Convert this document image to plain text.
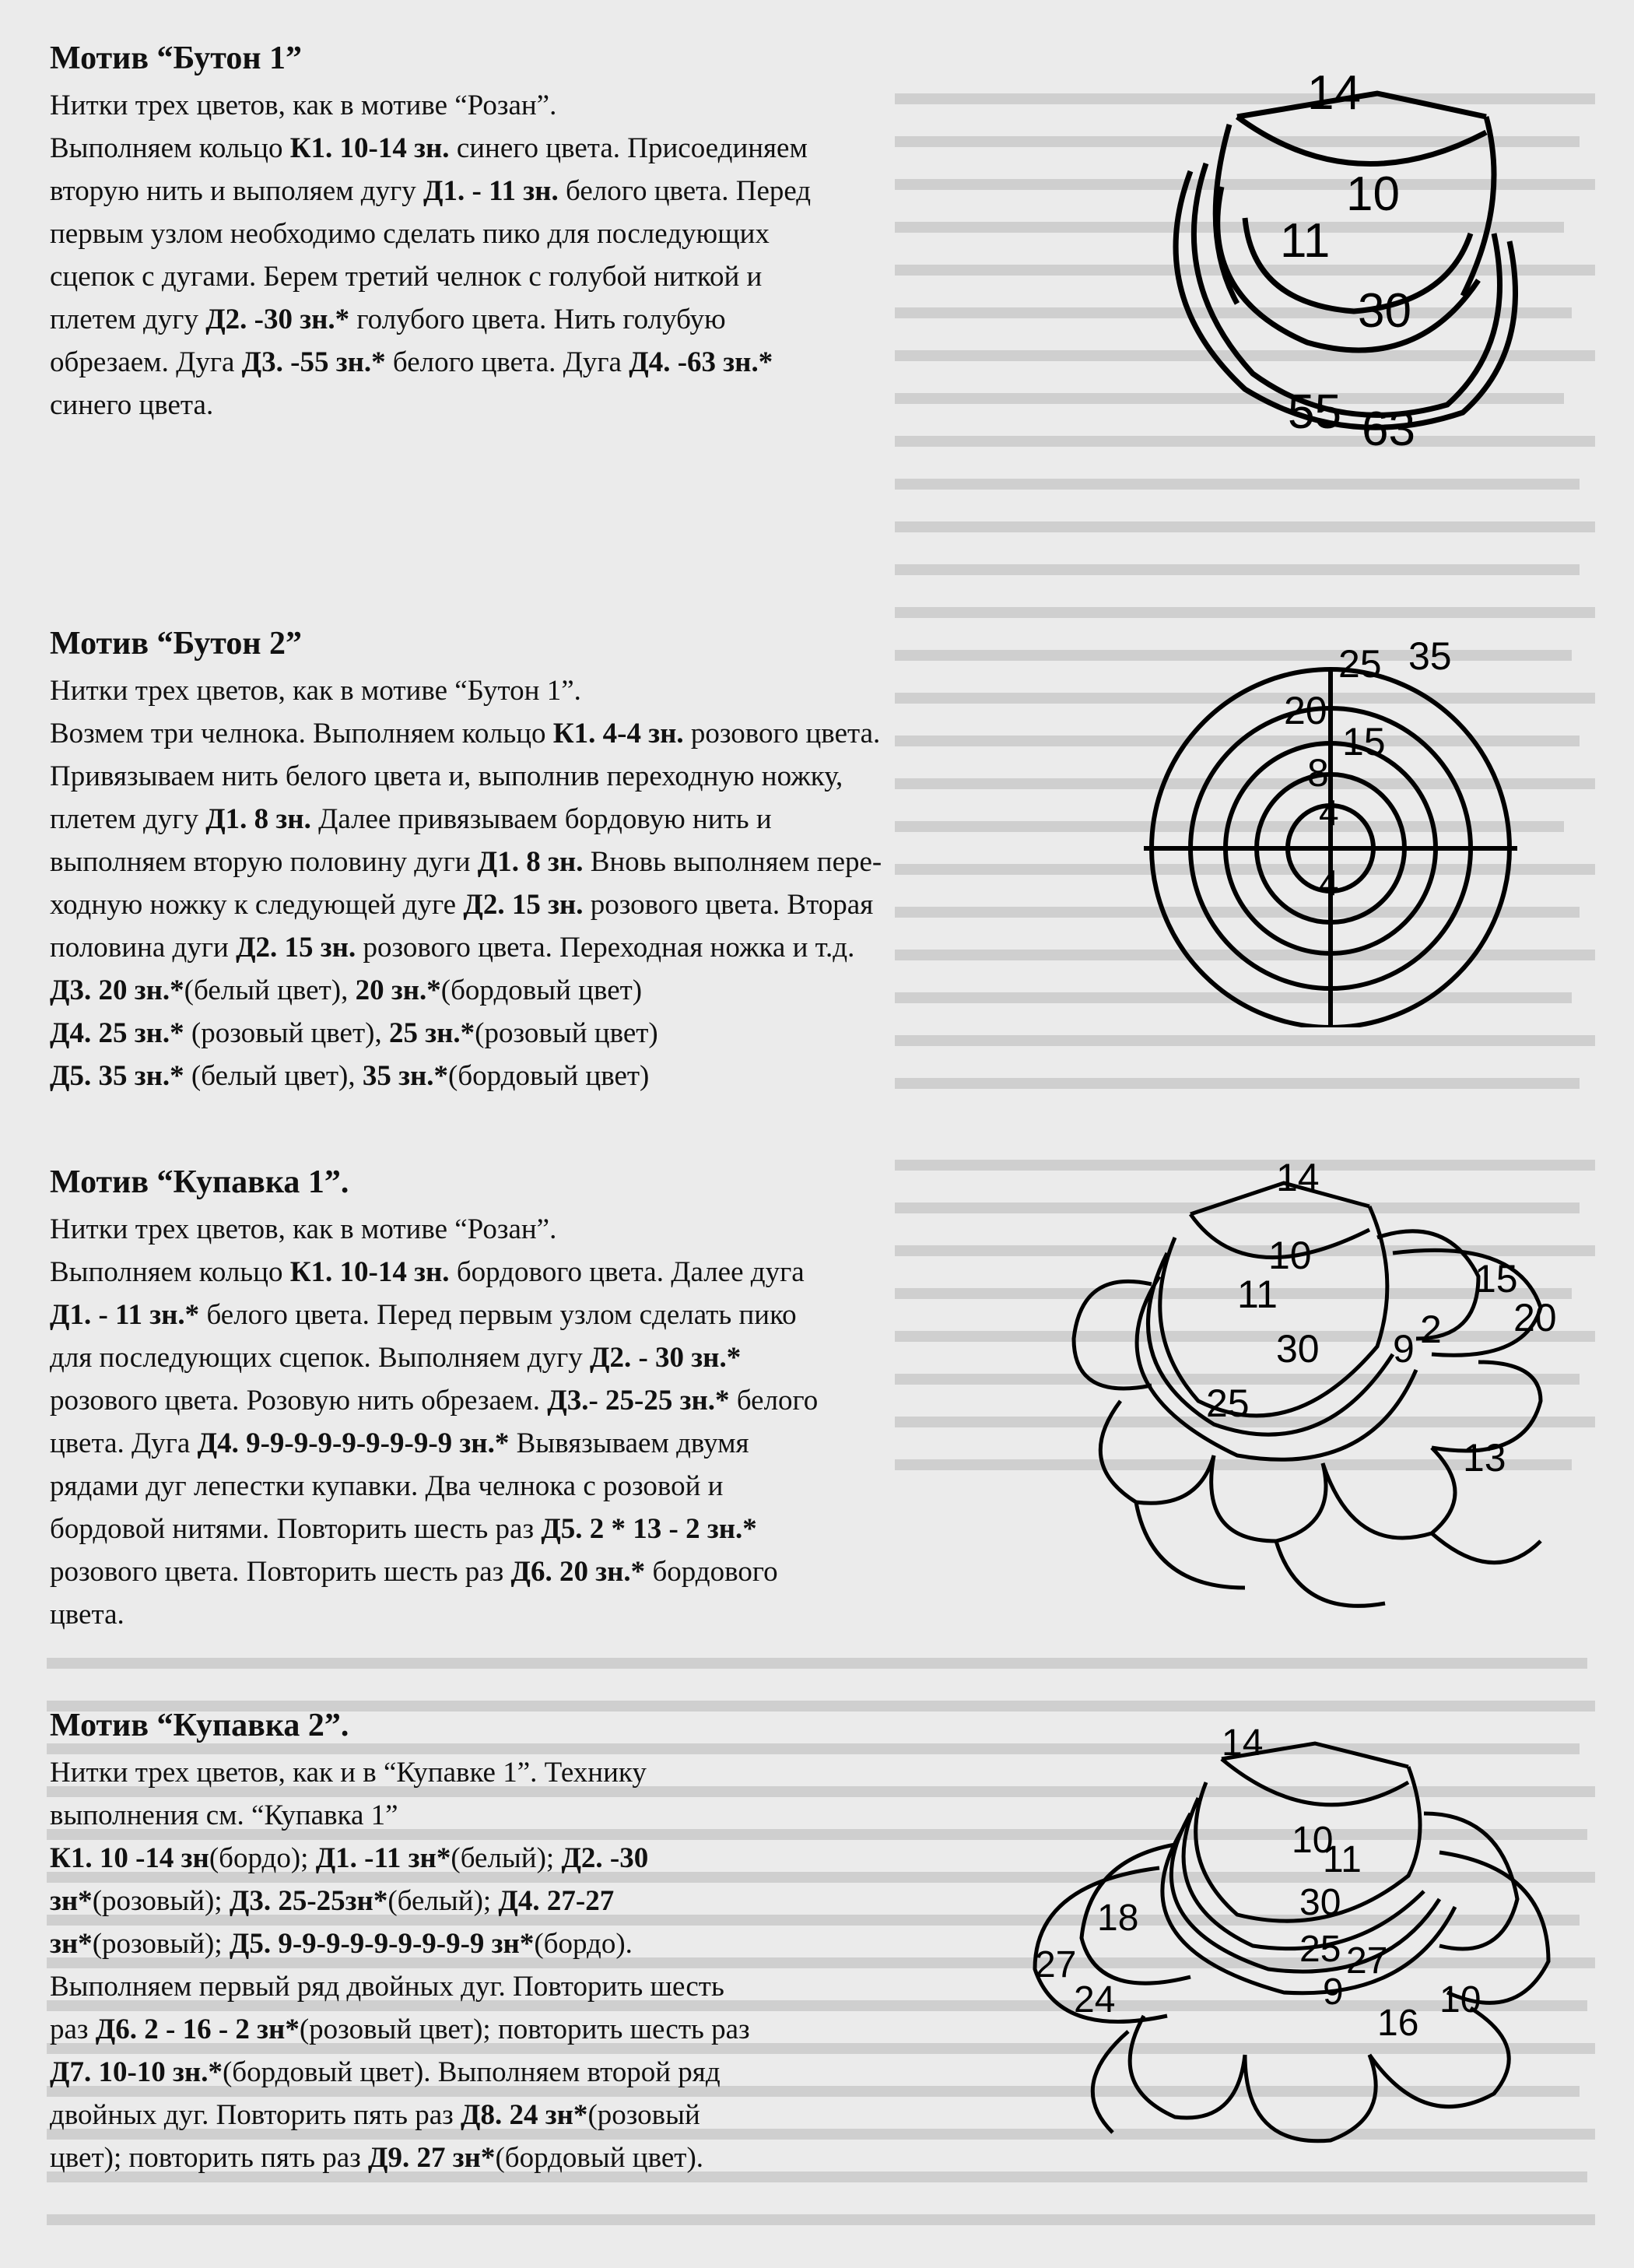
Мотив “Бутон 1”
Нитки трех цветов, как в мотиве “Розан”.
Выполняем кольцо К1. 10-14 зн. синего цвета. Присоединяем
вторую нить и выполяем дугу Д1. - 11 зн. белого цвета. Перед
первым узлом необходимо сделать пико для последующих
сцепок с дугами. Берем третий челнок с голубой ниткой и
плетем дугу Д2. -30 зн.* голубого цвета. Нить голубую
обрезаем. Дуга Д3. -55 зн.* белого цвета. Дуга Д4. -63 зн.*
синего цвета.
Мотив “Бутон 2”
Нитки трех цветов, как в мотиве “Бутон 1”.
Возмем три челнока. Выполняем кольцо К1. 4-4 зн. розового цвета.
Привязываем нить белого цвета и, выполнив переходную ножку,
плетем дугу Д1. 8 зн. Далее привязываем бордовую нить и
выполняем вторую половину дуги Д1. 8 зн. Вновь выполняем пере-
ходную ножку к следующей дуге Д2. 15 зн. розового цвета. Вторая
половина дуги Д2. 15 зн. розового цвета. Переходная ножка и т.д.
Д3. 20 зн.*(белый цвет), 20 зн.*(бордовый цвет)
Д4. 25 зн.* (розовый цвет), 25 зн.*(розовый цвет)
Д5. 35 зн.* (белый цвет), 35 зн.*(бордовый цвет)
Мотив “Купавка 1”.
Нитки трех цветов, как в мотиве “Розан”.
Выполняем кольцо К1. 10-14 зн. бордового цвета. Далее дуга
Д1. - 11 зн.* белого цвета. Перед первым узлом сделать пико
для последующих сцепок. Выполняем дугу Д2. - 30 зн.*
розового цвета. Розовую нить обрезаем. Д3.- 25-25 зн.* белого
цвета. Дуга Д4. 9-9-9-9-9-9-9-9-9 зн.* Вывязываем двумя
рядами дуг лепестки купавки. Два челнока с розовой и
бордовой нитями. Повторить шесть раз Д5. 2 * 13 - 2 зн.*
розового цвета. Повторить шесть раз Д6. 20 зн.* бордового
цвета.
Мотив “Купавка 2”.
Нитки трех цветов, как и в “Купавке 1”. Технику
выполнения см. “Купавка 1”
К1. 10 -14 зн(бордо); Д1. -11 зн*(белый); Д2. -30
зн*(розовый); Д3. 25-25зн*(белый); Д4. 27-27
зн*(розовый); Д5. 9-9-9-9-9-9-9-9-9 зн*(бордо).
Выполняем первый ряд двойных дуг. Повторить шесть
раз Д6. 2 - 16 - 2 зн*(розовый цвет); повторить шесть раз
Д7. 10-10 зн.*(бордовый цвет). Выполняем второй ряд
двойных дуг. Повторить пять раз Д8. 24 зн*(розовый
цвет); повторить пять раз Д9. 27 зн*(бордовый цвет).
14
10
11
30
55 63
25 35
20
15
8
4
4
14
10
11
30
25
9 2
15
20
13
14
10
11
30
25 27
9
16
10
18
27
24
